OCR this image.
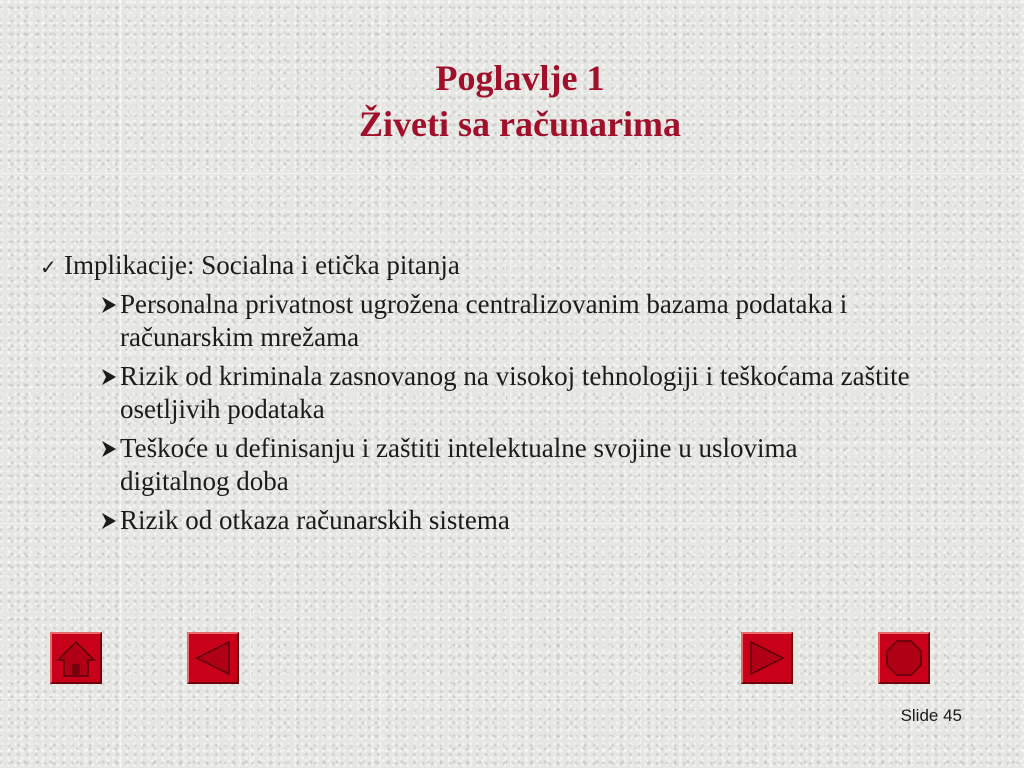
Poglavlje 1
Živeti sa računarima
✓ Implikacije: Socialna i etička pitanja
Personalna privatnost ugrožena centralizovanim bazama podataka i računarskim mrežama
Rizik od kriminala zasnovanog na visokoj tehnologiji i teškoćama zaštite osetljivih podataka
Teškoće u definisanju i zaštiti intelektualne svojine u uslovima digitalnog doba
Rizik od otkaza računarskih sistema
Slide 45
